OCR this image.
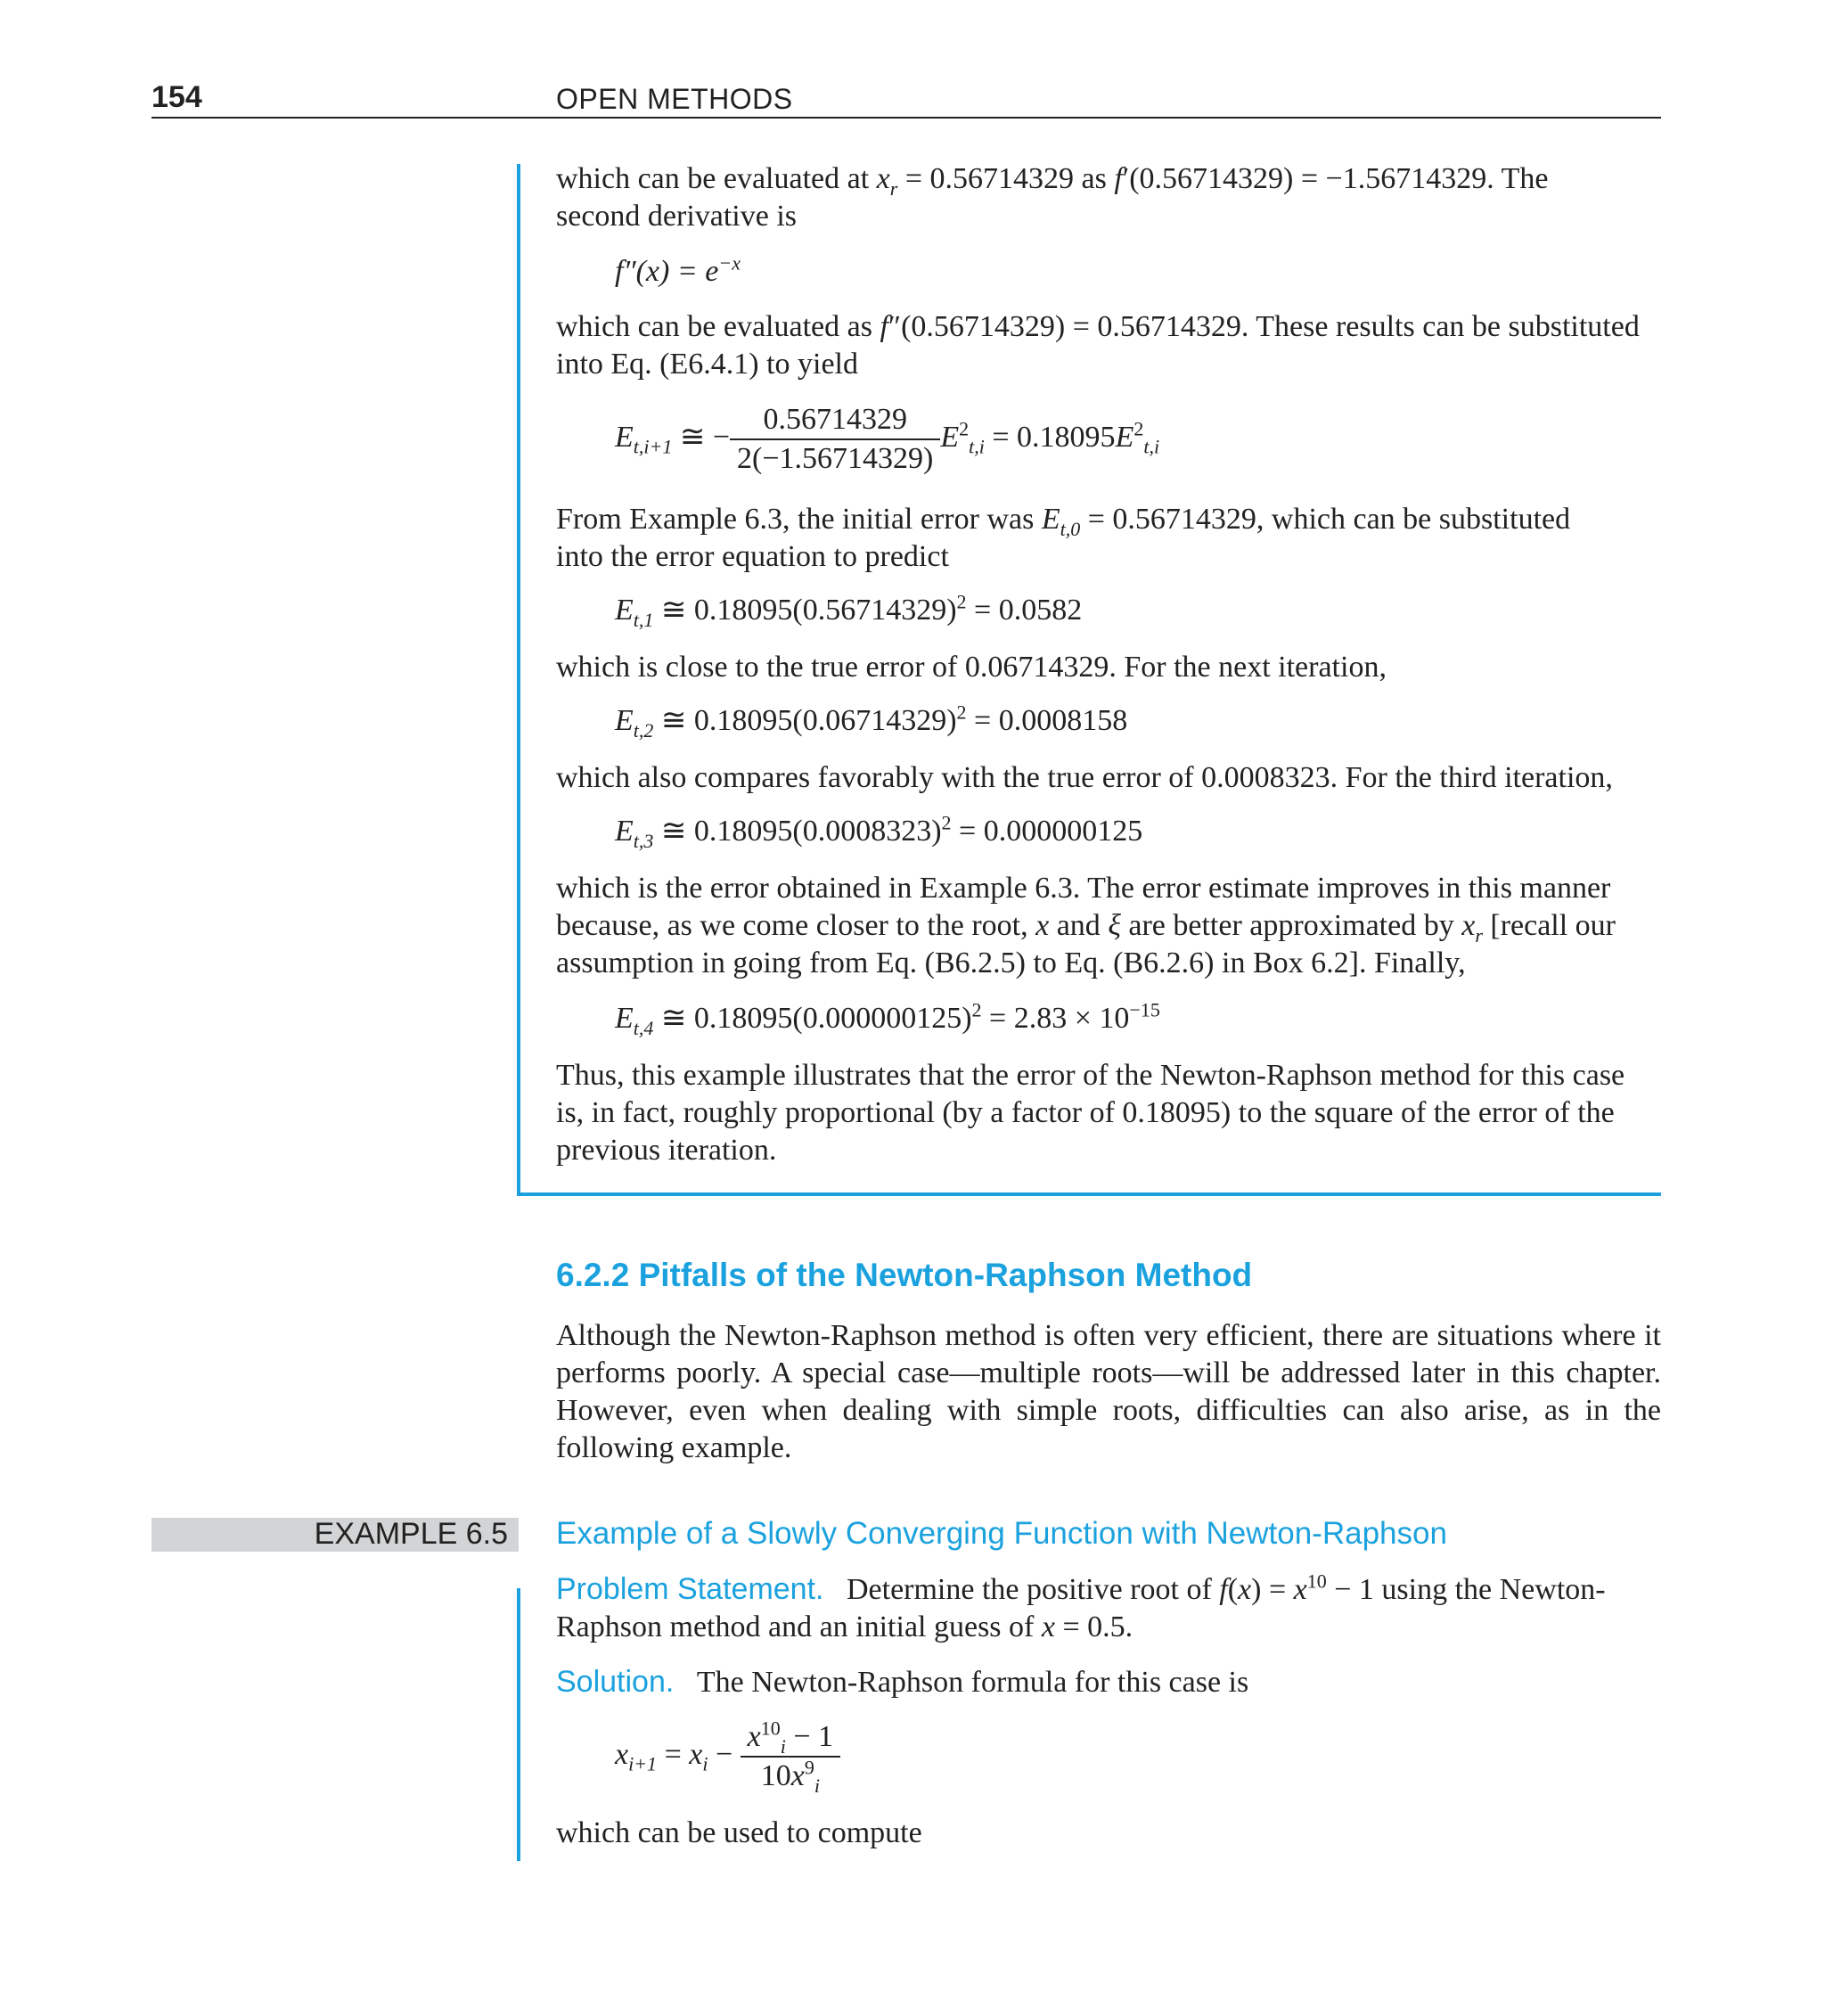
154	OPEN METHODS
which can be evaluated at $x_r = 0.56714329$ as f′(0.56714329) = −1.56714329. The
second derivative is
$f''(x) = e^{-x}$
which can be evaluated as f″(0.56714329) = 0.56714329. These results can be substituted
into Eq. (E6.4.1) to yield
$E_{t,i+1}$ ≅ − $\frac{0.56714329}{2(-1.56714329)} E^2_{t,i} = 0.18095E^2_{t,i}$
From Example 6.3, the initial error was $E_{t,0} = 0.56714329$, which can be substituted
into the error equation to predict
$E_{t,1}$ ≅ $0.18095(0.56714329)^2 = 0.0582$
which is close to the true error of 0.06714329. For the next iteration,
$E_{t,2}$ ≅ $0.18095(0.06714329)^2 = 0.0008158$
which also compares favorably with the true error of 0.0008323. For the third iteration,
$E_{t,3}$ ≅ $0.18095(0.0008323)^2 = 0.000000125$
which is the error obtained in Example 6.3. The error estimate improves in this manner
because, as we come closer to the root, x and ξ are better approximated by $x_r$ [recall our
assumption in going from Eq. (B6.2.5) to Eq. (B6.2.6) in Box 6.2]. Finally,
$E_{t,4}$ ≅ $0.18095(0.000000125)^2 = 2.83 \times 10^{-15}$
Thus, this example illustrates that the error of the Newton-Raphson method for this case
is, in fact, roughly proportional (by a factor of 0.18095) to the square of the error of the
previous iteration.
6.2.2 Pitfalls of the Newton-Raphson Method
Although the Newton-Raphson method is often very efficient, there are situations where it performs poorly. A special case—multiple roots—will be addressed later in this chapter. However, even when dealing with simple roots, difficulties can also arise, as in the following example.
EXAMPLE 6.5 Example of a Slowly Converging Function with Newton-Raphson
Problem Statement. Determine the positive root of $f(x) = x^{10} - 1$ using the Newton-
Raphson method and an initial guess of x = 0.5.
Solution. The Newton-Raphson formula for this case is
$x_{i+1} = x_i - \frac{x^{10}_i - 1}{10x^9_i}$
which can be used to compute
